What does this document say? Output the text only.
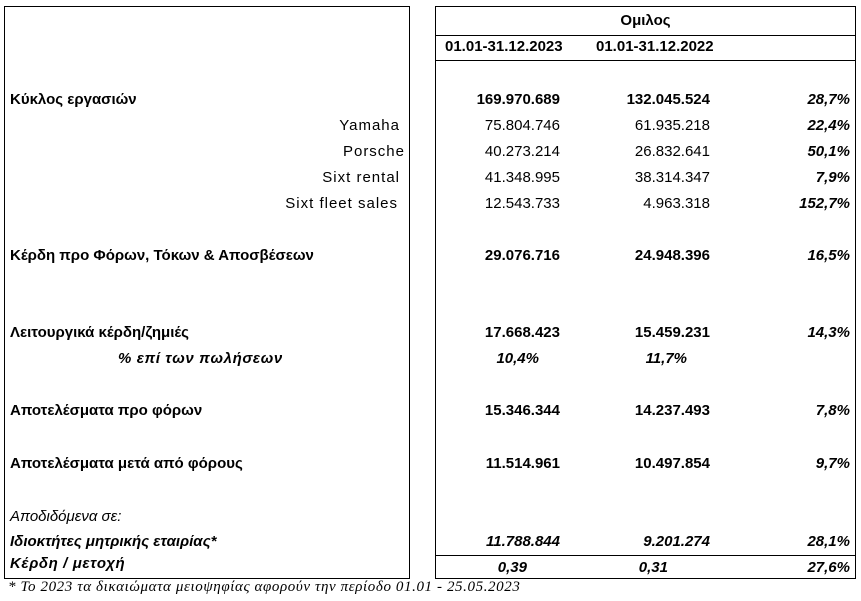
Ομιλος
01.01-31.12.2023 01.01-31.12.2022
Κύκλος εργασιών	169.970.689	132.045.524	28,7%
Yamaha	75.804.746	61.935.218	22,4%
Porsche	40.273.214	26.832.641	50,1%
Sixt rental	41.348.995	38.314.347	7,9%
Sixt fleet sales	12.543.733	4.963.318	152,7%
Κέρδη προ Φόρων, Τόκων & Αποσβέσεων	29.076.716	24.948.396	16,5%
Λειτουργικά κέρδη/ζημιές	17.668.423	15.459.231	14,3%
% επί των πωλήσεων	10,4%	11,7%
Αποτελέσματα προ φόρων	15.346.344	14.237.493	7,8%
Αποτελέσματα μετά από φόρους	11.514.961	10.497.854	9,7%
Αποδιδόμενα σε:
Ιδιοκτήτες μητρικής εταιρίας*	11.788.844	9.201.274	28,1%
Κέρδη / μετοχή	0,39	0,31	27,6%
* Το 2023 τα δικαιώματα μειοψηφίας αφορούν την περίοδο 01.01 - 25.05.2023
